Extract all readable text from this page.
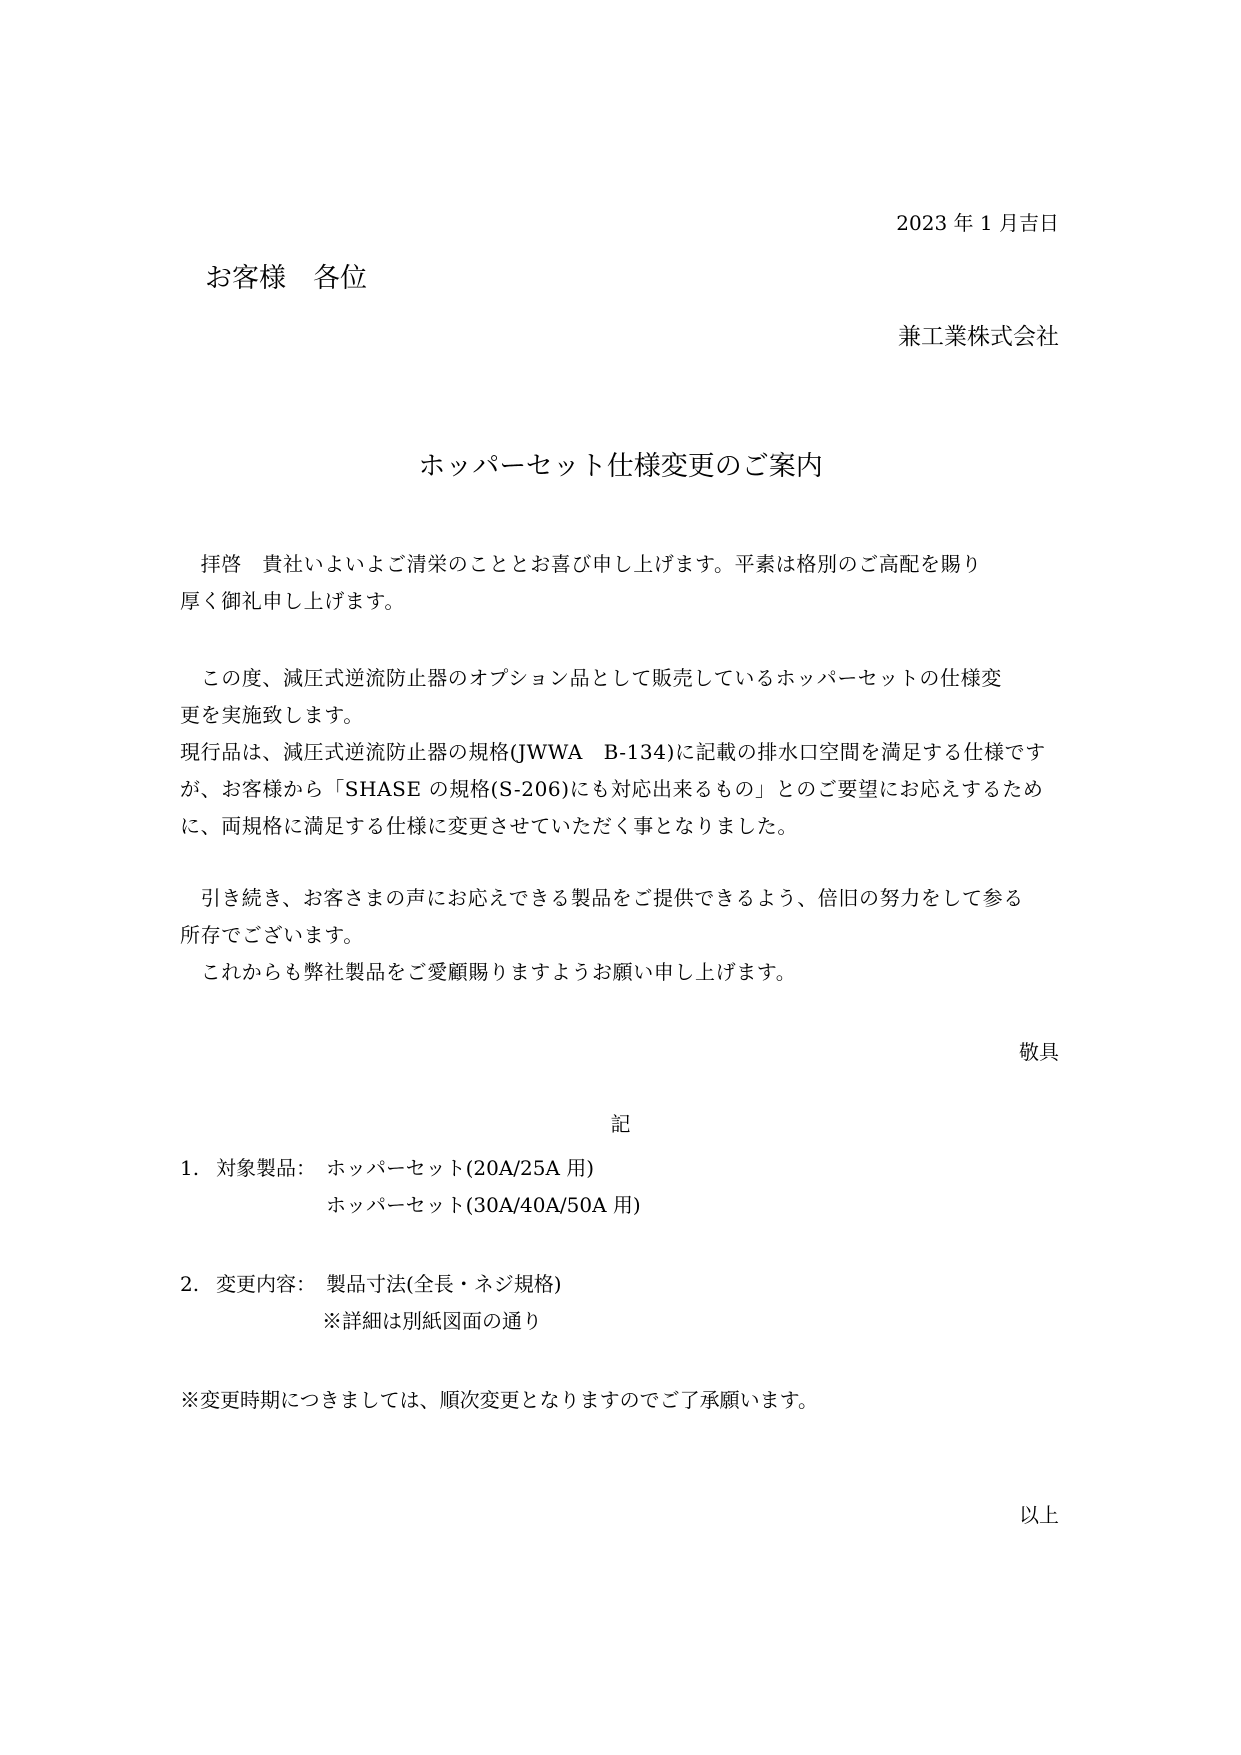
2023 年 1 月吉日
お客様　各位
兼工業株式会社
ホッパーセット仕様変更のご案内
　拝啓　貴社いよいよご清栄のこととお喜び申し上げます。平素は格別のご高配を賜り
厚く御礼申し上げます。
　この度、減圧式逆流防止器のオプション品として販売しているホッパーセットの仕様変
更を実施致します。
現行品は、減圧式逆流防止器の規格(JWWA　B-134)に記載の排水口空間を満足する仕様です
が、お客様から「SHASE の規格(S-206)にも対応出来るもの」とのご要望にお応えするため
に、両規格に満足する仕様に変更させていただく事となりました。
　引き続き、お客さまの声にお応えできる製品をご提供できるよう、倍旧の努力をして参る
所存でございます。
　これからも弊社製品をご愛顧賜りますようお願い申し上げます。
敬具
記
1. 対象製品： ホッパーセット(20A/25A 用)
ホッパーセット(30A/40A/50A 用)
2. 変更内容： 製品寸法(全長・ネジ規格)
※詳細は別紙図面の通り
※変更時期につきましては、順次変更となりますのでご了承願います。
以上
